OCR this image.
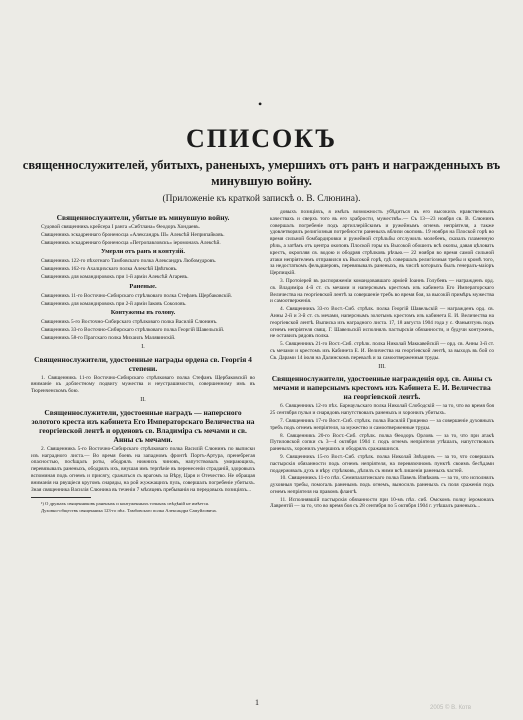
•
СПИСОКЪ
священнослужителей, убитыхъ, раненыхъ, умершихъ отъ ранъ и награжденныхъ въ минувшую войну.
(Приложеніе къ краткой запискѣ о. В. Слюнина).
Священнослужители, убитые въ минувшую войну.

Судовой священникъ крейсера I ранга «Сибтлана» Ѳеодоръ Хондаевъ.

Священникъ эскадреннаго броненосца «Александръ III» Алексѣй Неприпайковъ.

Священникъ эскадреннаго броненосца «Петропавловскъ» іеромонахъ Алексѣй.

Умерли отъ ранъ и контузій.

Священникъ 122-го пѣхотнаго Тамбовскаго полка Александръ Любомудровъ.

Священникъ 162-го Ахалцихскаго полка Алексѣй Цвѣтковъ.

Священникъ для командировокъ при 1-й арміи Алексѣй Агаревъ.

Раненые.

Священникъ 11-го Восточно-Сибирскаго стрѣлковаго полка Стефанъ Щербаковскій.

Священникъ для командировокъ при 2-й арміи Іаковъ Соколовъ.

Контужены въ голову.

Священникъ 5-го Восточно-Сибирскаго стрѣлковаго полка Василій Слюнинъ.

Священникъ 33-го Восточно-Сибирскаго стрѣлковаго полка Георгій Шавельскій.

Священникъ 58-го Прагскаго полка Михаилъ Малявинскій.

I.
Священнослужители, удостоенные награды ордена св. Георгія 4 степени.

1. Священникъ 11-го Восточно-Сибирскаго стрѣлковаго полка Стефанъ Щербаковскій во вниманіе къ доблестному подвигу мужества и неустрашимости, совершенному имъ въ Тюренченскомъ бою.

II.
Священнослужители, удостоенные наградъ — наперсного золотого креста изъ кабинета Его Императорскаго Величества на георгіевской лентѣ и орденовъ св. Владиміра съ мечами и св. Анны съ мечами.

2. Священникъ 5-го Восточно-Сибирскаго стрѣлковаго полка Василій Слюнинъ по выписки изъ наградного листа.— Во время боевъ на западномъ фронтѣ Портъ-Артура, пренебрегая опасностью, посѣщалъ роты, ободрялъ нижнихъ чиновъ, напутствовалъ умирающихъ, перевязывалъ раненыхъ, ободрялъ ихъ, внушая имъ терпѣніе въ перенесеніи страданій, здоровыхъ вспоминая подъ огнемъ и присягу, сражаться съ врагомъ за Вѣру, Царя и Отечество. Не обращая вниманія на рвущіеся кругомъ снаряды, на рой жужжащихъ пуль, совершалъ погребеніе убитыхъ. Зная священника Василія Слюнина въ теченіи 7 мѣсяцевъ пребыванія на передовыхъ позиціяхъ...

¹) О дружахъ священниковъ раненыхъ и контуженныхъ точныхъ свѣдѣній не имѣется.

Духовно-обществъ священника 123-го пѣх. Тамбовскаго полка Александра Самуйловича.

довыхъ позиціяхъ, я имѣлъ возможность убѣдиться въ его высокихъ нравственныхъ качествахъ и сверхъ того въ его храбрости, мужествѣ».— Съ 13—23 ноября св. В. Слюнинъ совершалъ погребеніе подъ артиллерійскимъ и ружейнымъ огнемъ непріятеля, а также удовлетворялъ религіозныя потребности раненыхъ вблизи окоповъ. 19 ноября на Плоской горѣ во время сильной бомбардировки и ружейной стрѣльбы отслужилъ молебенъ, сказалъ пламенную рѣчь, а затѣмъ отъ центра окоповъ Плоской горы къ Высокой обошелъ всѣ окопы, давая цѣловать крестъ, окропляя св. водою и ободряя стрѣлковъ рѣчью.— 22 ноября во время самой сильной атаки непріятелемъ отправился къ Высокой горѣ, гдѣ совершалъ религіозныя требы и кромѣ того, за недостаткомъ фельдшеровъ, перевязывалъ раненыхъ, въ числѣ которыхъ былъ генералъ-маіоръ Церпицкій.

3. Протоіерей въ распоряженіи командовавшаго арміей Іоаннъ Голубевъ — награжденъ орд. св. Владиміра 4-й ст. съ мечами и наперснымъ крестомъ изъ кабинета Его Императорскаго Величества на георгіевской лентѣ за совершеніе требъ во время боя, за высокій примѣръ мужества и самоотверженія.

4. Священникъ 33-го Вост.-Сиб. стрѣлк. полка Георгій Шавельскій — награжденъ орд. св. Анны 2-й и 3-й ст. съ мечами, наперснымъ золотымъ крестомъ изъ кабинета Е. И. Величества на георгіевской лентѣ. Выписка изъ наградного листа. 17, 18 августа 1904 года у с. Фаньязтунь подъ огнемъ непріятеля свящ. Г. Шавельскій исполнялъ пастырскія обязанности, и будучи контуженъ, не оставилъ рядовъ полка.

5. Священникъ 21-го Вост.-Сиб. стрѣлк. полка Николай Маккавейскій — орд. св. Анны 3-й ст. съ мечами и крестомъ изъ Кабинета Е. И. Величества на георгіевской лентѣ, за выходъ въ бой со Св. Дарами 14 іюля на Далинскомъ перевалѣ и за самоотверженныя труды.

III.
Священнослужители, удостоенные награжденія орд. св. Анны съ мечами и наперснымъ крестомъ изъ Кабинета Е. И. Величества на георгіевской лентѣ.

6. Священникъ 12-го пѣх. Барнаульскаго полка Николай Слободскій — за то, что во время боя 25 сентября пульи и снарядовъ напутствовалъ раненыхъ и хоронилъ убитыхъ.

7. Священникъ 17-го Вост.-Сиб. стрѣлк. полка Василій Гриценко — за совершеніе духовныхъ требъ подъ огнемъ непріятеля, за мужество и самоотверженные труды.

8. Священникъ 20-го Вост.-Сиб. стрѣлк. полка Ѳеодоръ Орловъ — за то, что при атакѣ Путиловской сопки съ 3—4 октября 1904 г. подъ огнемъ непріятеля утѣшалъ, напутствовалъ раненыхъ, хоронилъ умершихъ и ободрялъ сражавшихся.

9. Священникъ 15-го Вост.-Сиб. стрѣлк. полка Николай Звѣздинъ — за то, что совершалъ пастырскія обязанности подъ огнемъ непріятеля, на перевязочномъ пунктѣ своимъ бесѣдами поддерживалъ духъ и вѣру стрѣлковъ, дѣлилъ съ ними всѣ лишенія раненыхъ частей.

10. Священникъ 11-го пѣх. Семипалатинскаго полка Павелъ Извѣковъ — за то, что исполнялъ духовныя требы, помогалъ раненымъ подъ огнемъ, выносилъ раненыхъ съ поля сраженія подъ огнемъ непріятеля на правомъ флангѣ.

11. Исполнявшій пастырскія обязанности при 10-мъ пѣх. сиб. Омскомъ полку іеромонахъ Лаврентій — за то, что во время боя съ 28 сентября по 5 октября 1904 г. утѣшалъ раненыхъ...

1
2005 © В. Котв
